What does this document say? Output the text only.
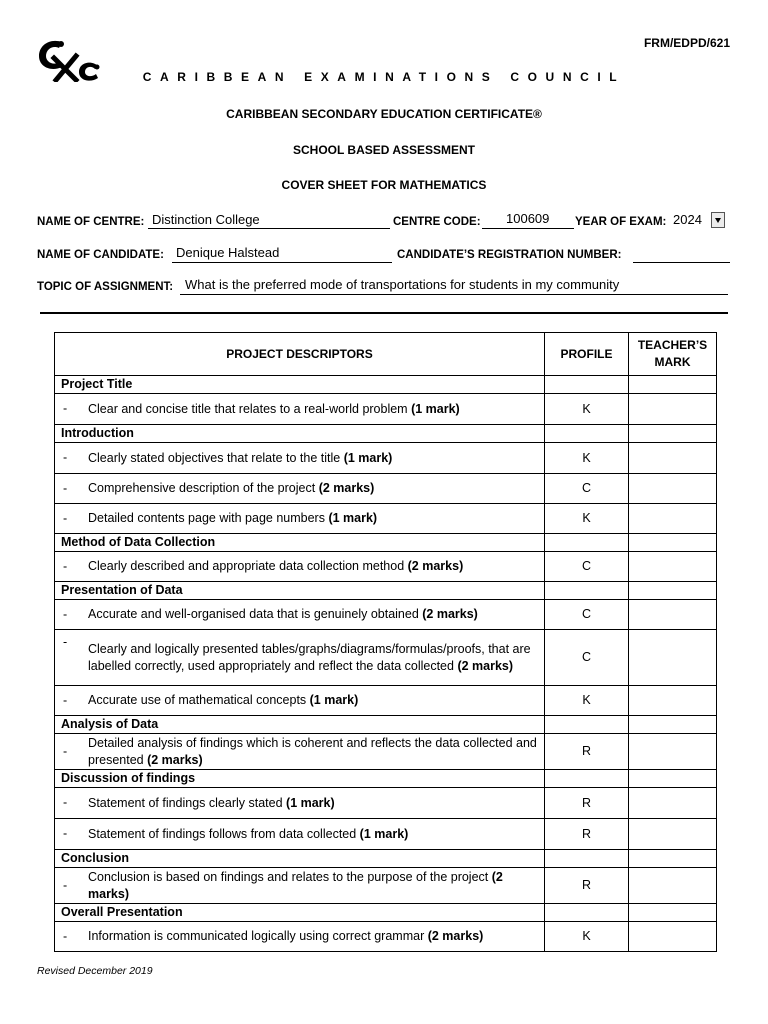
FRM/EDPD/621
CARIBBEAN EXAMINATIONS COUNCIL
CARIBBEAN SECONDARY EDUCATION CERTIFICATE®
SCHOOL BASED ASSESSMENT
COVER SHEET FOR MATHEMATICS
NAME OF CENTRE: Distinction College	CENTRE CODE: 100609 YEAR OF EXAM: 2024
NAME OF CANDIDATE: Denique Halstead	CANDIDATE’S REGISTRATION NUMBER:
TOPIC OF ASSIGNMENT: What is the preferred mode of transportations for students in my community
PROJECT DESCRIPTORS	PROFILE	TEACHER’S
MARK
Project Title		

- Clear and concise title that relates to a real-world problem (1 mark)	K	
Introduction		

- Clearly stated objectives that relate to the title (1 mark)	K	

- Comprehensive description of the project (2 marks)	C	

- Detailed contents page with page numbers (1 mark)	K	
Method of Data Collection		

- Clearly described and appropriate data collection method (2 marks)	C	
Presentation of Data		

- Accurate and well-organised data that is genuinely obtained (2 marks)	C	

- Clearly and logically presented tables/graphs/diagrams/formulas/proofs, that are labelled correctly, used appropriately and reflect the data collected (2 marks)	C	

- Accurate use of mathematical concepts (1 mark)	K	
Analysis of Data		

-
Detailed analysis of findings which is coherent and reflects the data collected and presented (2 marks)	R	
Discussion of findings		

- Statement of findings clearly stated (1 mark)	R	

- Statement of findings follows from data collected (1 mark)	R	
Conclusion		

-
Conclusion is based on findings and relates to the purpose of the project (2 marks)	R	
Overall Presentation		

- Information is communicated logically using correct grammar (2 marks)	K	
Revised December 2019
